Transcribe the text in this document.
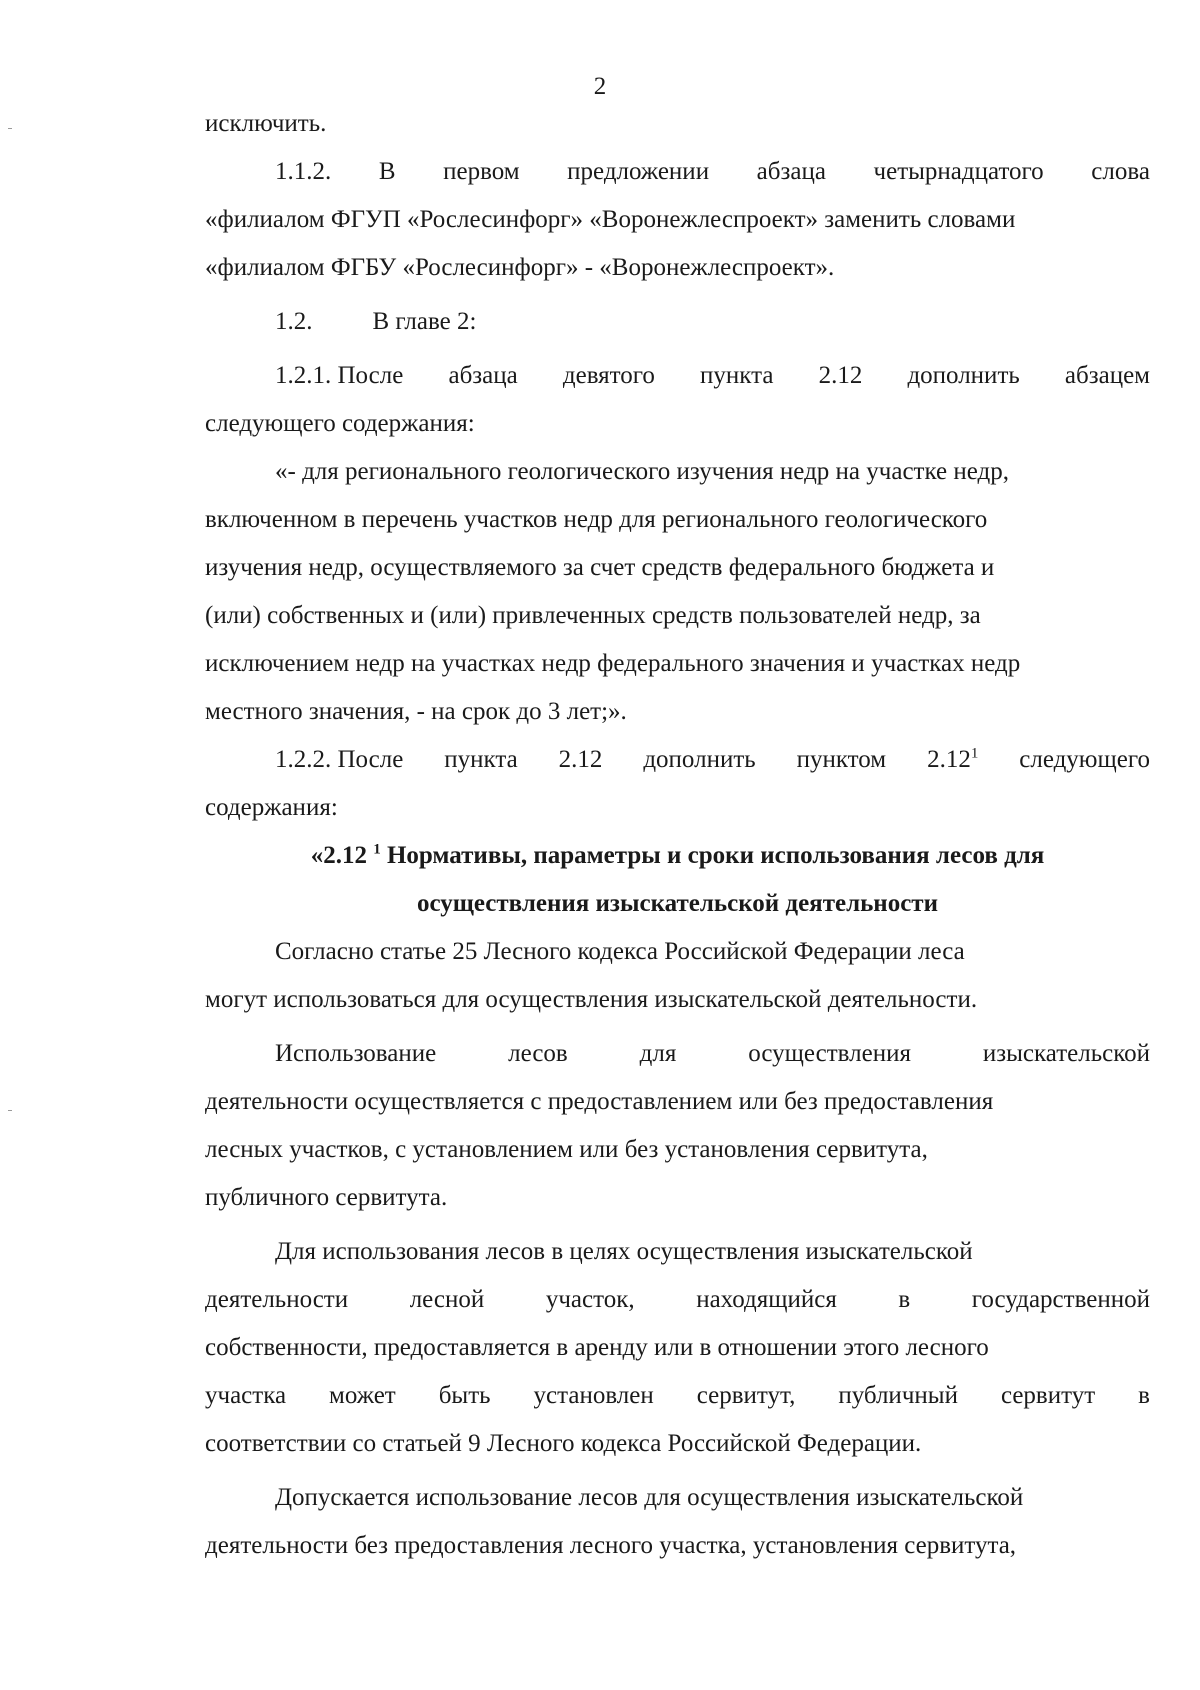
2
исключить.
1.1.2. В первом предложении абзаца четырнадцатого слова
«филиалом ФГУП «Рослесинфорг» «Воронежлеспроект» заменить словами
«филиалом ФГБУ «Рослесинфорг» - «Воронежлеспроект».
1.2. В главе 2:
1.2.1. После абзаца девятого пункта 2.12 дополнить абзацем
следующего содержания:
«- для регионального геологического изучения недр на участке недр,
включенном в перечень участков недр для регионального геологического
изучения недр, осуществляемого за счет средств федерального бюджета и
(или) собственных и (или) привлеченных средств пользователей недр, за
исключением недр на участках недр федерального значения и участках недр
местного значения, - на срок до 3 лет;».
1.2.2. После пункта 2.12 дополнить пунктом 2.12$^1$ следующего
содержания:
«2.12 $^1$ Нормативы, параметры и сроки использования лесов для
осуществления изыскательской деятельности
Согласно статье 25 Лесного кодекса Российской Федерации леса
могут использоваться для осуществления изыскательской деятельности.
Использование	лесов	для	осуществления	изыскательской
деятельности осуществляется с предоставлением или без предоставления
лесных участков, с установлением или без установления сервитута,
публичного сервитута.
Для использования лесов в целях осуществления изыскательской
деятельности лесной участок, находящийся в государственной
собственности, предоставляется в аренду или в отношении этого лесного
участка может быть установлен сервитут, публичный сервитут в
соответствии со статьей 9 Лесного кодекса Российской Федерации.
Допускается использование лесов для осуществления изыскательской
деятельности без предоставления лесного участка, установления сервитута,
